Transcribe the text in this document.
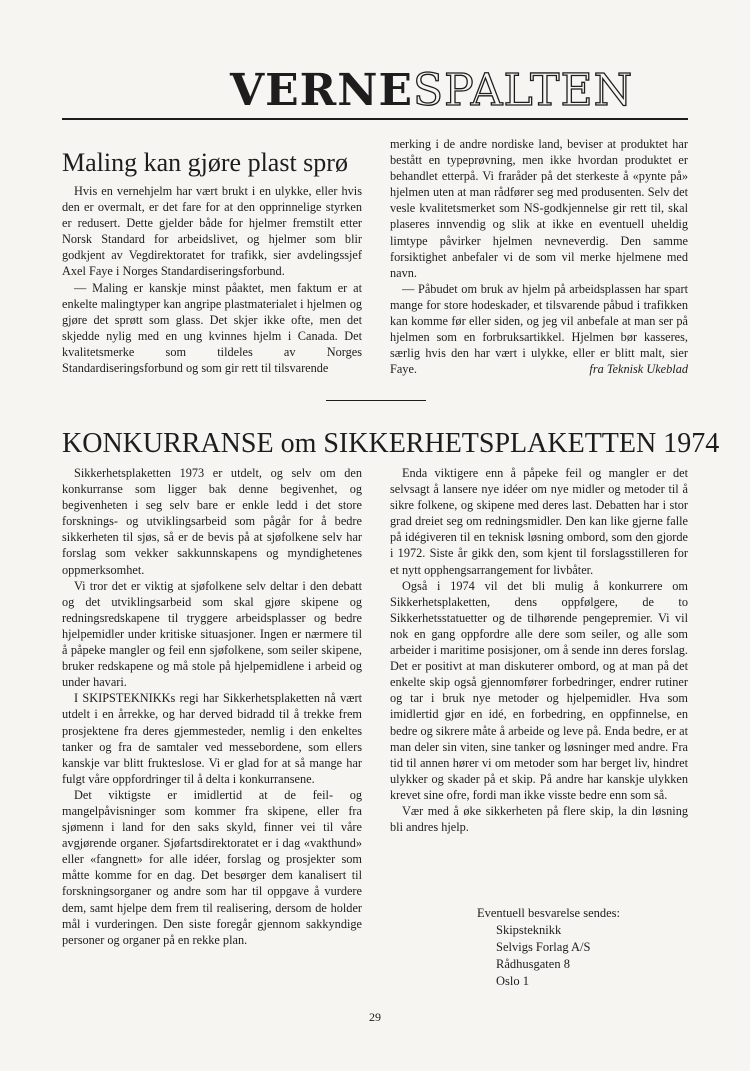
VERNESPALTEN
Maling kan gjøre plast sprø

Hvis en vernehjelm har vært brukt i en ulykke, eller hvis den er overmalt, er det fare for at den opprinnelige styrken er redusert. Dette gjelder både for hjelmer fremstilt etter Norsk Standard for arbeidslivet, og hjelmer som blir godkjent av Vegdirektoratet for trafikk, sier avdelingssjef Axel Faye i Norges Standardiseringsforbund.

— Maling er kanskje minst påaktet, men faktum er at enkelte malingtyper kan angripe plastmaterialet i hjelmen og gjøre det sprøtt som glass. Det skjer ikke ofte, men det skjedde nylig med en ung kvinnes hjelm i Canada. Det kvalitetsmerke som tildeles av Norges Standardiseringsforbund og som gir rett til tilsvarende

merking i de andre nordiske land, beviser at produktet har bestått en typeprøvning, men ikke hvordan produktet er behandlet etterpå. Vi fraråder på det sterkeste å «pynte på» hjelmen uten at man rådfører seg med produsenten. Selv det vesle kvalitetsmerket som NS-godkjennelse gir rett til, skal plaseres innvendig og slik at ikke en eventuell uheldig limtype påvirker hjelmen nevneverdig. Den samme forsiktighet anbefaler vi de som vil merke hjelmene med navn.

— Påbudet om bruk av hjelm på arbeidsplassen har spart mange for store hodeskader, et tilsvarende påbud i trafikken kan komme før eller siden, og jeg vil anbefale at man ser på hjelmen som en forbruksartikkel. Hjelmen bør kasseres, særlig hvis den har vært i ulykke, eller er blitt malt, sier Faye.	fra Teknisk Ukeblad

KONKURRANSE om SIKKERHETSPLAKETTEN 1974

Sikkerhetsplaketten 1973 er utdelt, og selv om den konkurranse som ligger bak denne begivenhet, og begivenheten i seg selv bare er enkle ledd i det store forsknings- og utviklingsarbeid som pågår for å bedre sikkerheten til sjøs, så er de bevis på at sjøfolkene selv har forslag som vekker sakkunnskapens og myndighetenes oppmerksomhet.

Vi tror det er viktig at sjøfolkene selv deltar i den debatt og det utviklingsarbeid som skal gjøre skipene og redningsredskapene til tryggere arbeidsplasser og bedre hjelpemidler under kritiske situasjoner. Ingen er nærmere til å påpeke mangler og feil enn sjøfolkene, som seiler skipene, bruker redskapene og må stole på hjelpemidlene i arbeid og under havari.

I SKIPSTEKNIKKs regi har Sikkerhetsplaketten nå vært utdelt i en årrekke, og har derved bidradd til å trekke frem prosjektene fra deres gjemmesteder, nemlig i den enkeltes tanker og fra de samtaler ved messebordene, som ellers kanskje var blitt frukteslose. Vi er glad for at så mange har fulgt våre oppfordringer til å delta i konkurransene.

Det viktigste er imidlertid at de feil- og mangelpåvisninger som kommer fra skipene, eller fra sjømenn i land for den saks skyld, finner vei til våre avgjørende organer. Sjøfartsdirektoratet er i dag «vakthund» eller «fangnett» for alle idéer, forslag og prosjekter som måtte komme for en dag. Det besørger dem kanalisert til forskningsorganer og andre som har til oppgave å vurdere dem, samt hjelpe dem frem til realisering, dersom de holder mål i vurderingen. Den siste foregår gjennom sakkyndige personer og organer på en rekke plan.

Enda viktigere enn å påpeke feil og mangler er det selvsagt å lansere nye idéer om nye midler og metoder til å sikre folkene, og skipene med deres last. Debatten har i stor grad dreiet seg om redningsmidler. Den kan like gjerne falle på idégiveren til en teknisk løsning ombord, som den gjorde i 1972. Siste år gikk den, som kjent til forslagsstilleren for et nytt opphengsarrangement for livbåter.

Også i 1974 vil det bli mulig å konkurrere om Sikkerhetsplaketten, dens oppfølgere, de to Sikkerhetsstatuetter og de tilhørende pengepremier. Vi vil nok en gang oppfordre alle dere som seiler, og alle som arbeider i maritime posisjoner, om å sende inn deres forslag. Det er positivt at man diskuterer ombord, og at man på det enkelte skip også gjennomfører forbedringer, endrer rutiner og tar i bruk nye metoder og hjelpemidler. Hva som imidlertid gjør en idé, en forbedring, en oppfinnelse, en bedre og sikrere måte å arbeide og leve på. Enda bedre, er at man deler sin viten, sine tanker og løsninger med andre. Fra tid til annen hører vi om metoder som har berget liv, hindret ulykker og skader på et skip. På andre har kanskje ulykken krevet sine ofre, fordi man ikke visste bedre enn som så.

Vær med å øke sikkerheten på flere skip, la din løsning bli andres hjelp.

Eventuell besvarelse sendes:
Skipsteknikk
Selvigs Forlag A/S
Rådhusgaten 8
Oslo 1
29
